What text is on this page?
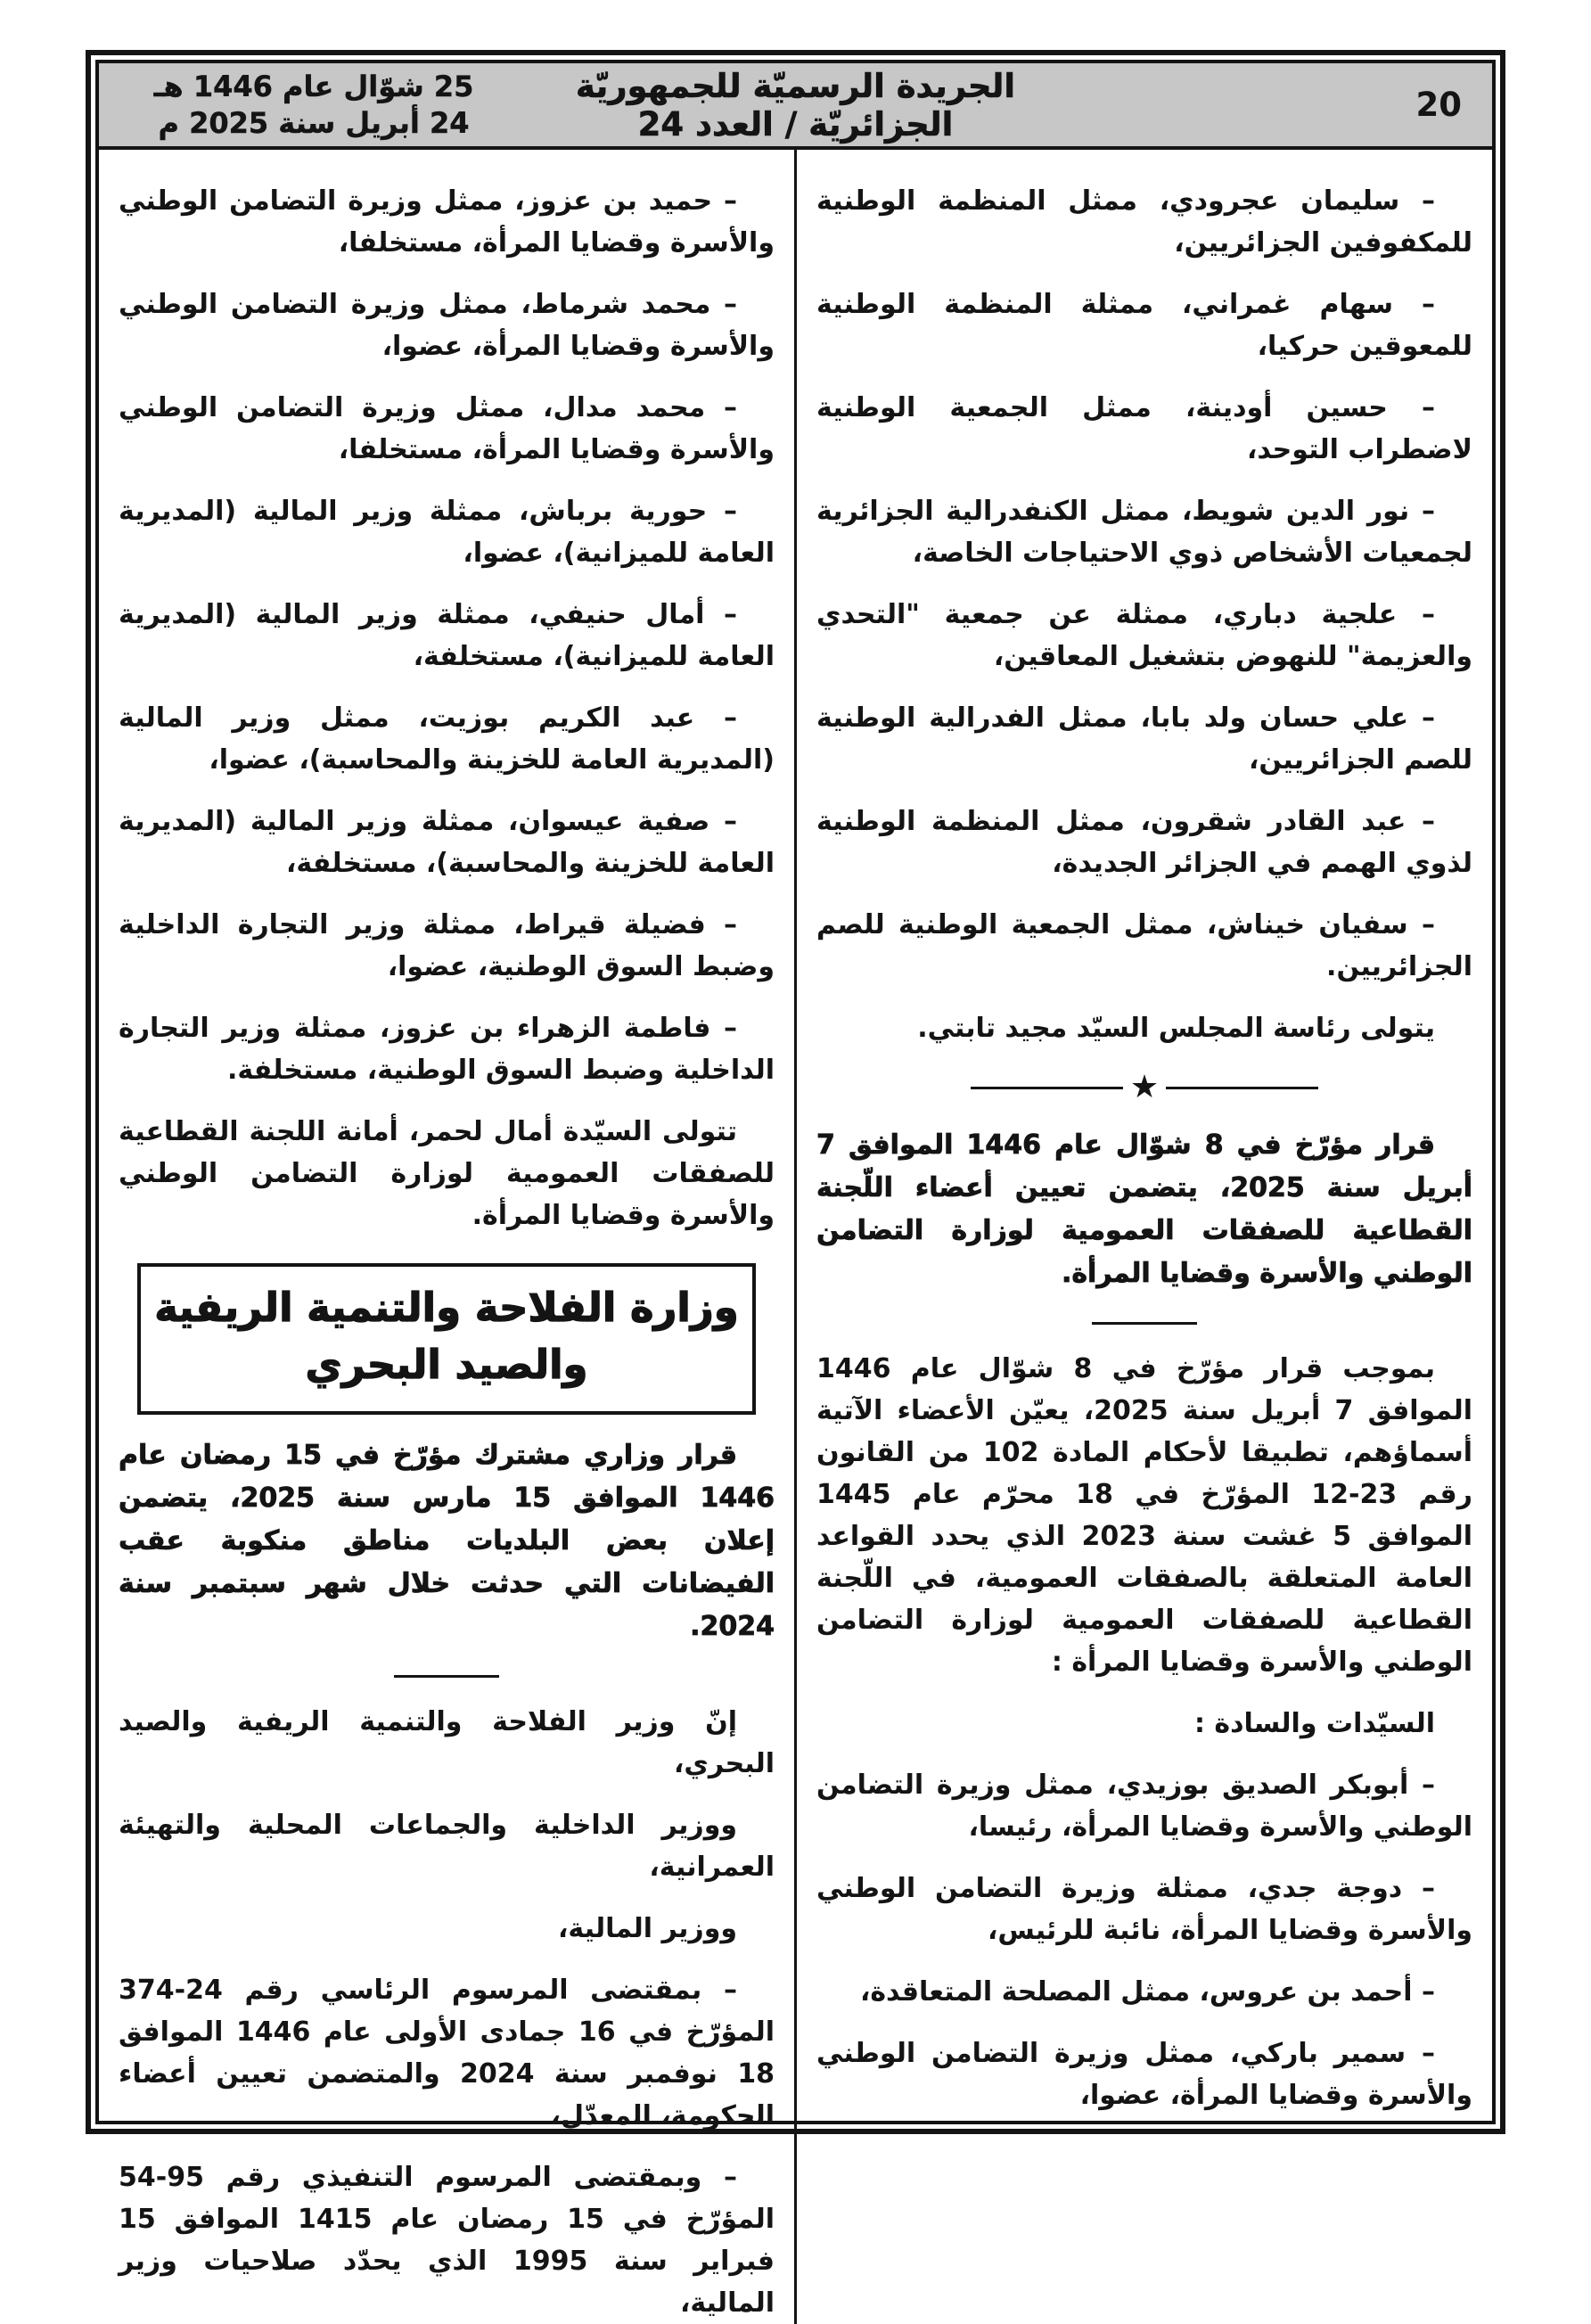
25 شوّال عام 1446 هـ
24 أبريل سنة 2025 م
الجريدة الرسميّة للجمهوريّة الجزائريّة / العدد 24	20

– سليمان عجرودي، ممثل المنظمة الوطنية للمكفوفين الجزائريين،

– سهام غمراني، ممثلة المنظمة الوطنية للمعوقين حركيا،

– حسين أودينة، ممثل الجمعية الوطنية لاضطراب التوحد،

– نور الدين شويط، ممثل الكنفدرالية الجزائرية لجمعيات الأشخاص ذوي الاحتياجات الخاصة،

– علجية دباري، ممثلة عن جمعية "التحدي والعزيمة" للنهوض بتشغيل المعاقين،

– علي حسان ولد بابا، ممثل الفدرالية الوطنية للصم الجزائريين،

– عبد القادر شقرون، ممثل المنظمة الوطنية لذوي الهمم في الجزائر الجديدة،

– سفيان خيناش، ممثل الجمعية الوطنية للصم الجزائريين.

يتولى رئاسة المجلس السيّد مجيد تابتي.

★

قرار مؤرّخ في 8 شوّال عام 1446 الموافق 7 أبريل سنة 2025، يتضمن تعيين أعضاء اللّجنة القطاعية للصفقات العمومية لوزارة التضامن الوطني والأسرة وقضايا المرأة.

بموجب قرار مؤرّخ في 8 شوّال عام 1446 الموافق 7 أبريل سنة 2025، يعيّن الأعضاء الآتية أسماؤهم، تطبيقا لأحكام المادة 102 من القانون رقم 23‏-‏12 المؤرّخ في 18 محرّم عام 1445 الموافق 5 غشت سنة 2023 الذي يحدد القواعد العامة المتعلقة بالصفقات العمومية، في اللّجنة القطاعية للصفقات العمومية لوزارة التضامن الوطني والأسرة وقضايا المرأة :

السيّدات والسادة :

– أبوبكر الصديق بوزيدي، ممثل وزيرة التضامن الوطني والأسرة وقضايا المرأة، رئيسا،

– دوجة جدي، ممثلة وزيرة التضامن الوطني والأسرة وقضايا المرأة، نائبة للرئيس،

– أحمد بن عروس، ممثل المصلحة المتعاقدة،

– سمير باركي، ممثل وزيرة التضامن الوطني والأسرة وقضايا المرأة، عضوا،

– حميد بن عزوز، ممثل وزيرة التضامن الوطني والأسرة وقضايا المرأة، مستخلفا،

– محمد شرماط، ممثل وزيرة التضامن الوطني والأسرة وقضايا المرأة، عضوا،

– محمد مدال، ممثل وزيرة التضامن الوطني والأسرة وقضايا المرأة، مستخلفا،

– حورية برباش، ممثلة وزير المالية (المديرية العامة للميزانية)، عضوا،

– أمال حنيفي، ممثلة وزير المالية (المديرية العامة للميزانية)، مستخلفة،

– عبد الكريم بوزيت، ممثل وزير المالية (المديرية العامة للخزينة والمحاسبة)، عضوا،

– صفية عيسوان، ممثلة وزير المالية (المديرية العامة للخزينة والمحاسبة)، مستخلفة،

– فضيلة قيراط، ممثلة وزير التجارة الداخلية وضبط السوق الوطنية، عضوا،

– فاطمة الزهراء بن عزوز، ممثلة وزير التجارة الداخلية وضبط السوق الوطنية، مستخلفة.

تتولى السيّدة أمال لحمر، أمانة اللجنة القطاعية للصفقات العمومية لوزارة التضامن الوطني والأسرة وقضايا المرأة.

وزارة الفلاحة والتنمية الريفية
والصيد البحري

قرار وزاري مشترك مؤرّخ في 15 رمضان عام 1446 الموافق 15 مارس سنة 2025، يتضمن إعلان بعض البلديات مناطق منكوبة عقب الفيضانات التي حدثت خلال شهر سبتمبر سنة 2024.

إنّ وزير الفلاحة والتنمية الريفية والصيد البحري،

ووزير الداخلية والجماعات المحلية والتهيئة العمرانية،

ووزير المالية،

– بمقتضى المرسوم الرئاسي رقم 24‏-‏374 المؤرّخ في 16 جمادى الأولى عام 1446 الموافق 18 نوفمبر سنة 2024 والمتضمن تعيين أعضاء الحكومة، المعدّل،

– وبمقتضى المرسوم التنفيذي رقم 95‏-‏54 المؤرّخ في 15 رمضان عام 1415 الموافق 15 فبراير سنة 1995 الذي يحدّد صلاحيات وزير المالية،
